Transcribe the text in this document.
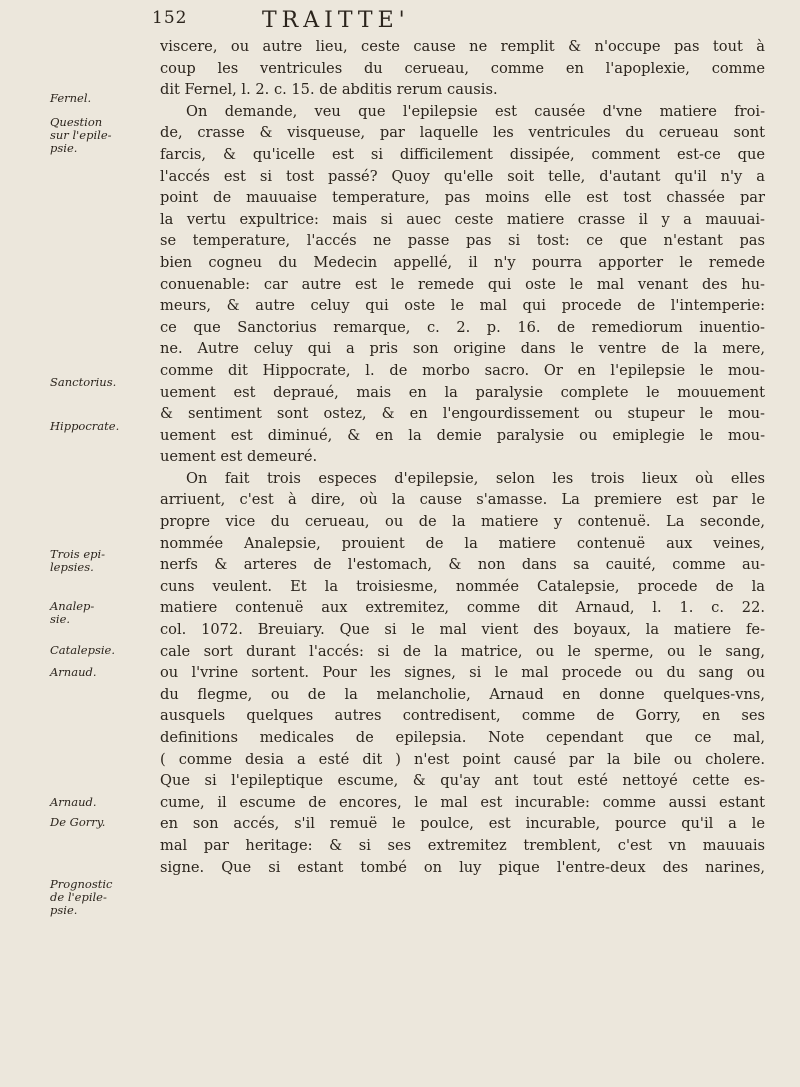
152	TRAITTE'
Fernel.
Question
sur l'epile-
psie.
Sanctorius.
Hippocrate.
Trois epi-
lepsies.
Analep-
sie.
Catalepsie.
Arnaud.
Arnaud.
De Gorry.
Prognostic
de l'epile-
psie.
viscere, ou autre lieu, ceste cause ne remplit & n'occupe pas tout à
coup les ventricules du cerueau, comme en l'apoplexie, comme
dit Fernel, l. 2. c. 15. de abditis rerum causis.
On demande, veu que l'epilepsie est causée d'vne matiere froi-
de, crasse & visqueuse, par laquelle les ventricules du cerueau sont
farcis, & qu'icelle est si difficilement dissipée, comment est-ce que
l'accés est si tost passé? Quoy qu'elle soit telle, d'autant qu'il n'y a
point de mauuaise temperature, pas moins elle est tost chassée par
la vertu expultrice: mais si auec ceste matiere crasse il y a mauuai-
se temperature, l'accés ne passe pas si tost: ce que n'estant pas
bien cogneu du Medecin appellé, il n'y pourra apporter le remede
conuenable: car autre est le remede qui oste le mal venant des hu-
meurs, & autre celuy qui oste le mal qui procede de l'intemperie:
ce que Sanctorius remarque, c. 2. p. 16. de remediorum inuentio-
ne. Autre celuy qui a pris son origine dans le ventre de la mere,
comme dit Hippocrate, l. de morbo sacro. Or en l'epilepsie le mou-
uement est depraué, mais en la paralysie complete le mouuement
& sentiment sont ostez, & en l'engourdissement ou stupeur le mou-
uement est diminué, & en la demie paralysie ou emiplegie le mou-
uement est demeuré.
On fait trois especes d'epilepsie, selon les trois lieux où elles
arriuent, c'est à dire, où la cause s'amasse. La premiere est par le
propre vice du cerueau, ou de la matiere y contenuë. La seconde,
nommée Analepsie, prouient de la matiere contenuë aux veines,
nerfs & arteres de l'estomach, & non dans sa cauité, comme au-
cuns veulent. Et la troisiesme, nommée Catalepsie, procede de la
matiere contenuë aux extremitez, comme dit Arnaud, l. 1. c. 22.
col. 1072. Breuiary. Que si le mal vient des boyaux, la matiere fe-
cale sort durant l'accés: si de la matrice, ou le sperme, ou le sang,
ou l'vrine sortent. Pour les signes, si le mal procede ou du sang ou
du flegme, ou de la melancholie, Arnaud en donne quelques-vns,
ausquels quelques autres contredisent, comme de Gorry, en ses
definitions medicales de epilepsia. Note cependant que ce mal,
( comme desia a esté dit ) n'est point causé par la bile ou cholere.
Que si l'epileptique escume, & qu'ay ant tout esté nettoyé cette es-
cume, il escume de encores, le mal est incurable: comme aussi estant
en son accés, s'il remuë le poulce, est incurable, pource qu'il a le
mal par heritage: & si ses extremitez tremblent, c'est vn mauuais
signe. Que si estant tombé on luy pique l'entre-deux des narines,
